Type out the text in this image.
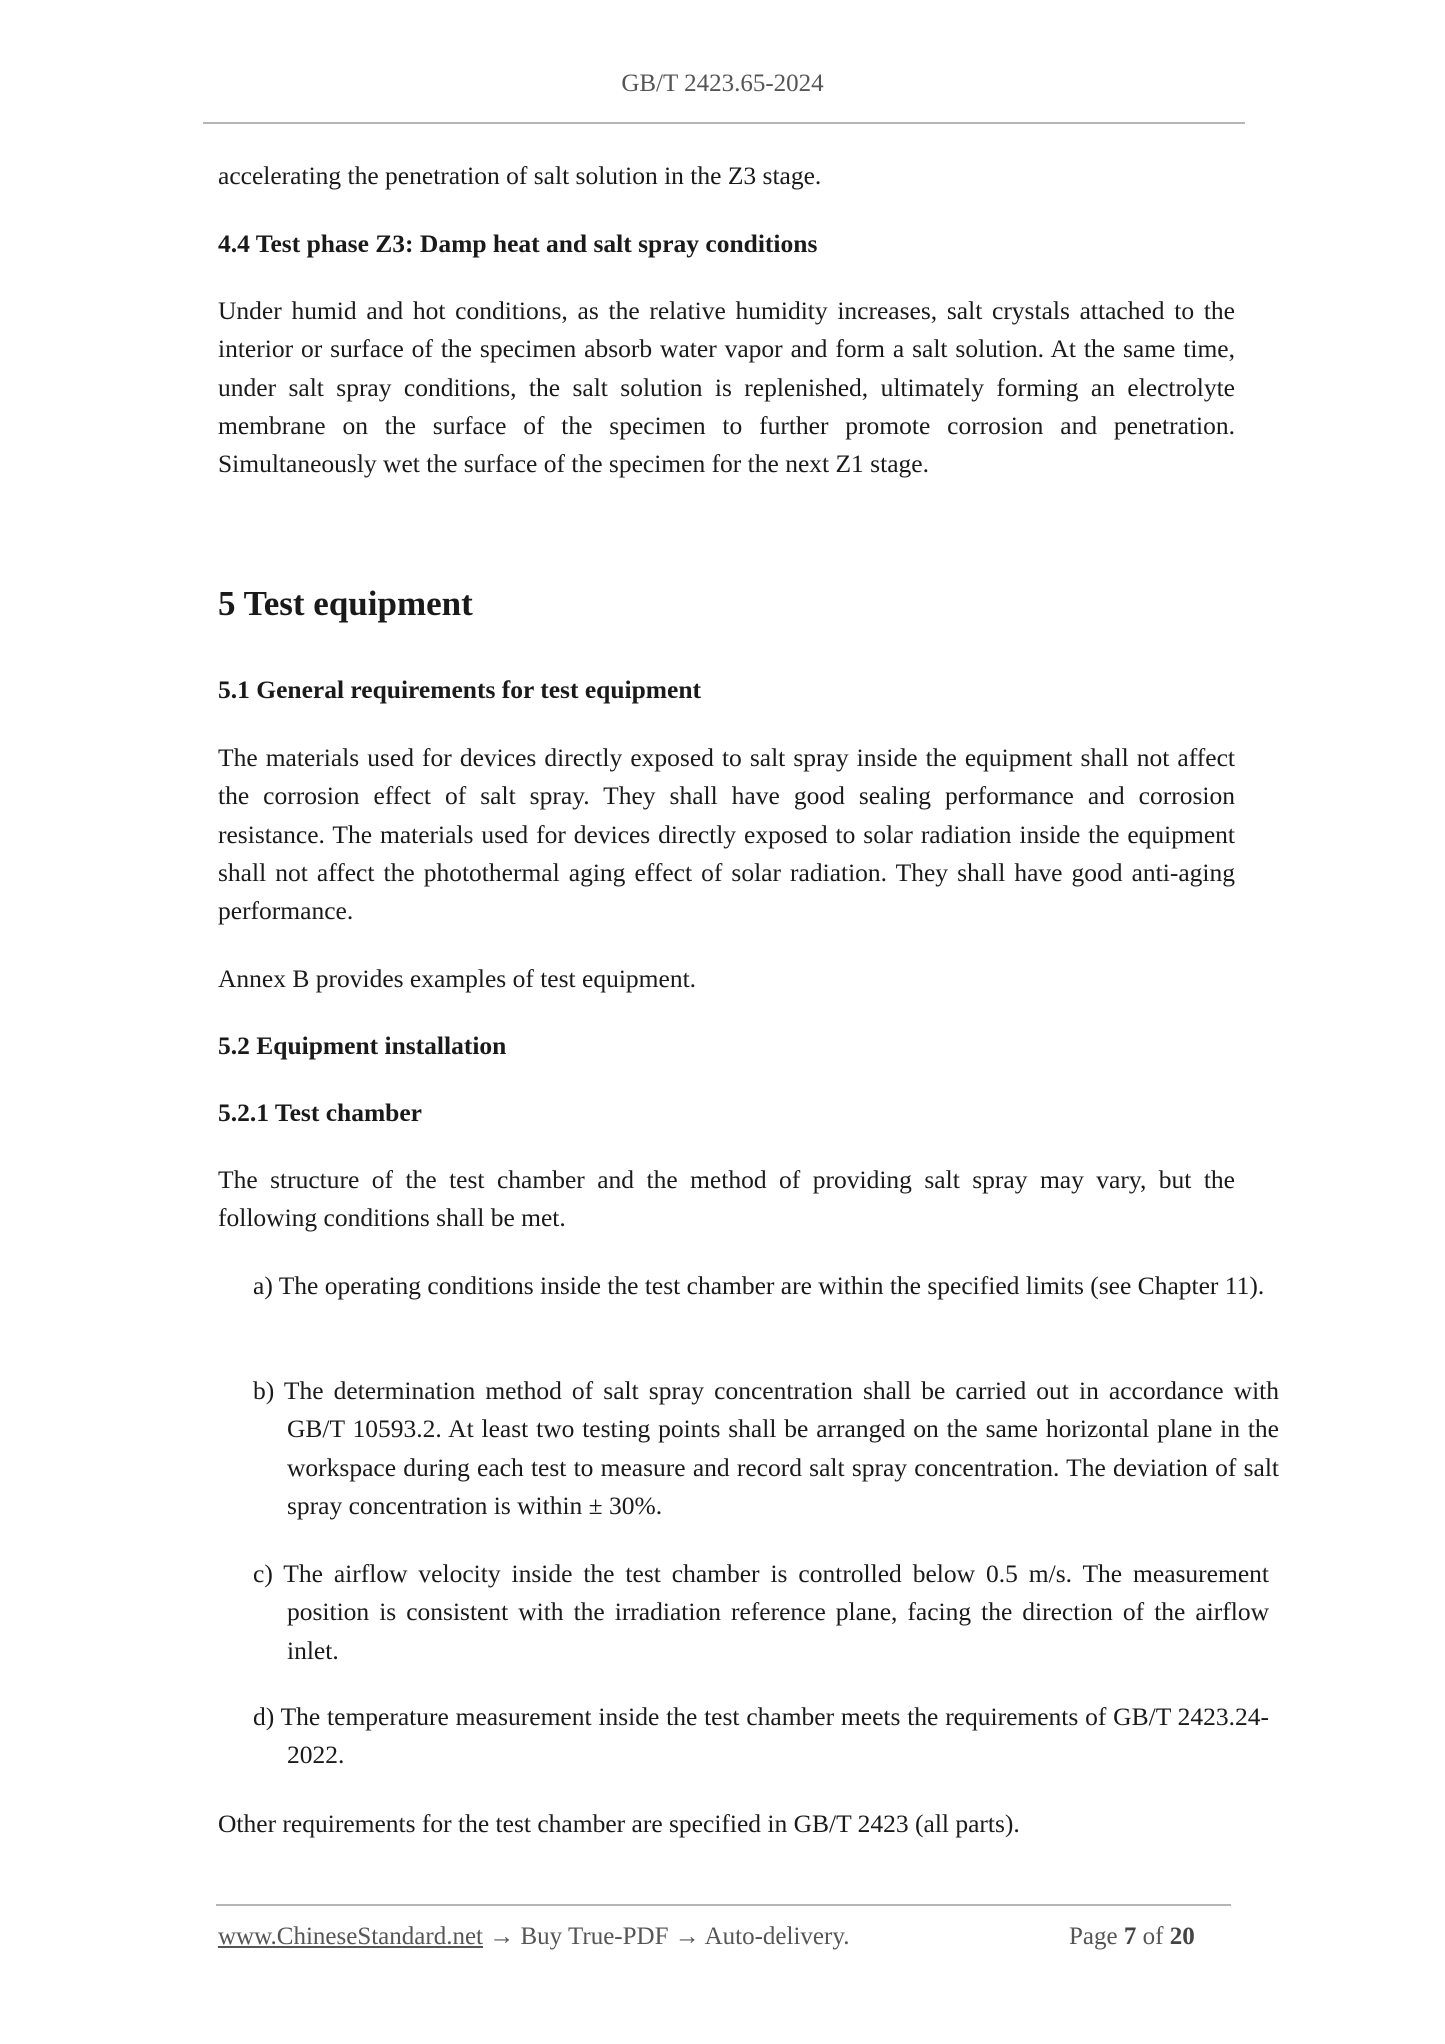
GB/T 2423.65-2024
accelerating the penetration of salt solution in the Z3 stage.
4.4 Test phase Z3: Damp heat and salt spray conditions
Under humid and hot conditions, as the relative humidity increases, salt crystals attached to the interior or surface of the specimen absorb water vapor and form a salt solution. At the same time, under salt spray conditions, the salt solution is replenished, ultimately forming an electrolyte membrane on the surface of the specimen to further promote corrosion and penetration. Simultaneously wet the surface of the specimen for the next Z1 stage.
5 Test equipment
5.1 General requirements for test equipment
The materials used for devices directly exposed to salt spray inside the equipment shall not affect the corrosion effect of salt spray. They shall have good sealing performance and corrosion resistance. The materials used for devices directly exposed to solar radiation inside the equipment shall not affect the photothermal aging effect of solar radiation. They shall have good anti-aging performance.
Annex B provides examples of test equipment.
5.2 Equipment installation
5.2.1 Test chamber
The structure of the test chamber and the method of providing salt spray may vary, but the following conditions shall be met.
a) The operating conditions inside the test chamber are within the specified limits (see Chapter 11).
b) The determination method of salt spray concentration shall be carried out in accordance with GB/T 10593.2. At least two testing points shall be arranged on the same horizontal plane in the workspace during each test to measure and record salt spray concentration. The deviation of salt spray concentration is within ± 30%.
c) The airflow velocity inside the test chamber is controlled below 0.5 m/s. The measurement position is consistent with the irradiation reference plane, facing the direction of the airflow inlet.
d) The temperature measurement inside the test chamber meets the requirements of GB/T 2423.24-2022.
Other requirements for the test chamber are specified in GB/T 2423 (all parts).
www.ChineseStandard.net → Buy True-PDF → Auto-delivery.	Page 7 of 20
